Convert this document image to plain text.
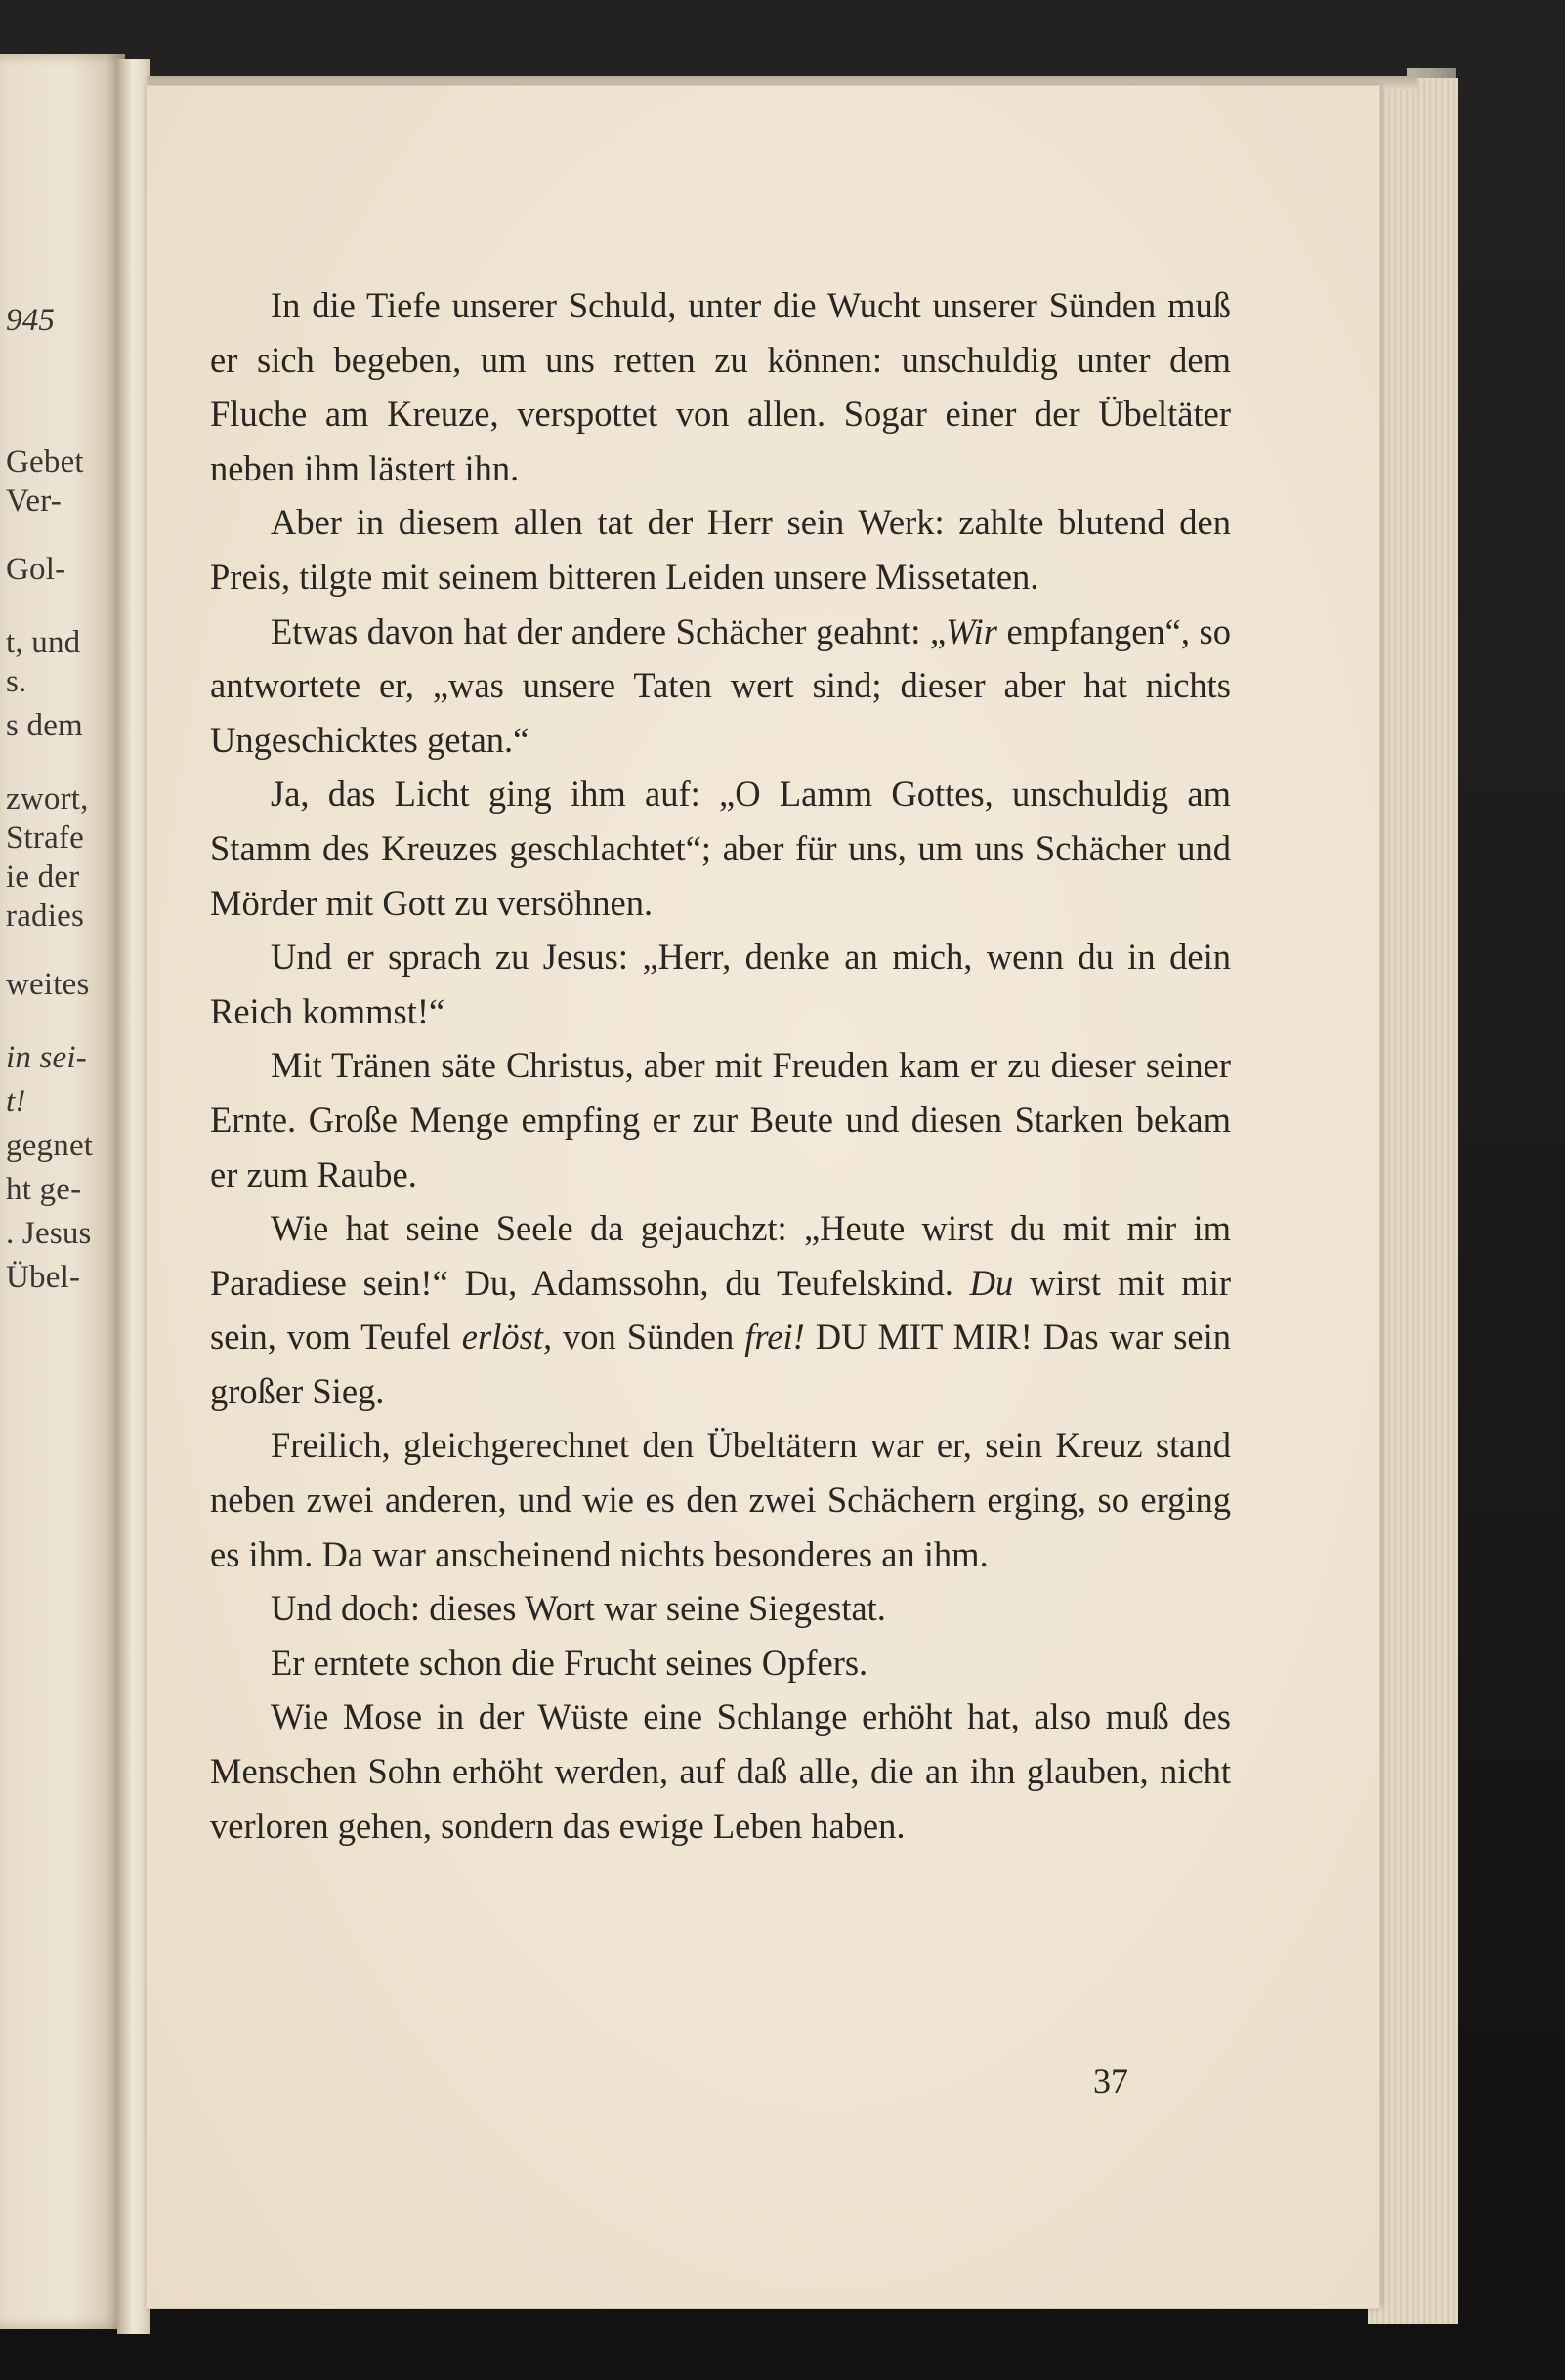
945
Gebet
Ver-
Gol-
t, und
s.
s dem
zwort,
Strafe
ie der
radies
weites
in sei-
t!
gegnet
ht ge-
. Jesus
Übel-

In die Tiefe unserer Schuld, unter die Wucht unserer Sünden muß er sich begeben, um uns retten zu können: unschuldig unter dem Fluche am Kreuze, verspottet von allen. Sogar einer der Übeltäter neben ihm lästert ihn.

Aber in diesem allen tat der Herr sein Werk: zahlte blutend den Preis, tilgte mit seinem bitteren Leiden unsere Missetaten.

Etwas davon hat der andere Schächer geahnt: „Wir empfangen“, so antwortete er, „was unsere Taten wert sind; dieser aber hat nichts Ungeschicktes getan.“

Ja, das Licht ging ihm auf: „O Lamm Gottes, unschuldig am Stamm des Kreuzes geschlachtet“; aber für uns, um uns Schächer und Mörder mit Gott zu versöhnen.

Und er sprach zu Jesus: „Herr, denke an mich, wenn du in dein Reich kommst!“

Mit Tränen säte Christus, aber mit Freuden kam er zu dieser seiner Ernte. Große Menge empfing er zur Beute und diesen Starken bekam er zum Raube.

Wie hat seine Seele da gejauchzt: „Heute wirst du mit mir im Paradiese sein!“ Du, Adamssohn, du Teufelskind. Du wirst mit mir sein, vom Teufel erlöst, von Sünden frei! DU MIT MIR! Das war sein großer Sieg.

Freilich, gleichgerechnet den Übeltätern war er, sein Kreuz stand neben zwei anderen, und wie es den zwei Schächern erging, so erging es ihm. Da war anscheinend nichts besonderes an ihm.

Und doch: dieses Wort war seine Siegestat.

Er erntete schon die Frucht seines Opfers.

Wie Mose in der Wüste eine Schlange erhöht hat, also muß des Menschen Sohn erhöht werden, auf daß alle, die an ihn glauben, nicht verloren gehen, sondern das ewige Leben haben.

37
